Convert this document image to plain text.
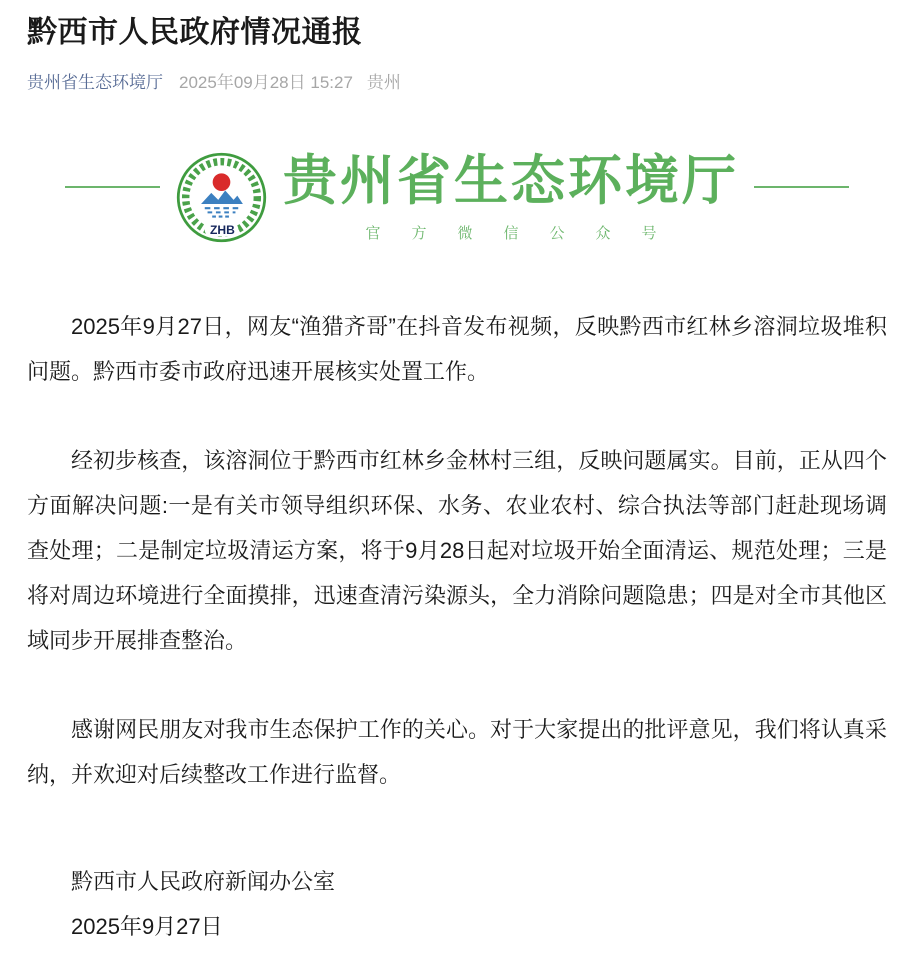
黔西市人民政府情况通报
贵州省生态环境厅 2025年09月28日 15:27 贵州
ZHB
贵州省生态环境厅
官方微信公众号

2025年9月27日，网友“渔猎齐哥”在抖音发布视频，反映黔西市红林乡溶洞垃圾堆积问题。黔西市委市政府迅速开展核实处置工作。

经初步核查，该溶洞位于黔西市红林乡金林村三组，反映问题属实。目前，正从四个方面解决问题:一是有关市领导组织环保、水务、农业农村、综合执法等部门赶赴现场调查处理；二是制定垃圾清运方案，将于9月28日起对垃圾开始全面清运、规范处理；三是将对周边环境进行全面摸排，迅速查清污染源头，全力消除问题隐患；四是对全市其他区域同步开展排查整治。

感谢网民朋友对我市生态保护工作的关心。对于大家提出的批评意见，我们将认真采纳，并欢迎对后续整改工作进行监督。

黔西市人民政府新闻办公室

2025年9月27日
